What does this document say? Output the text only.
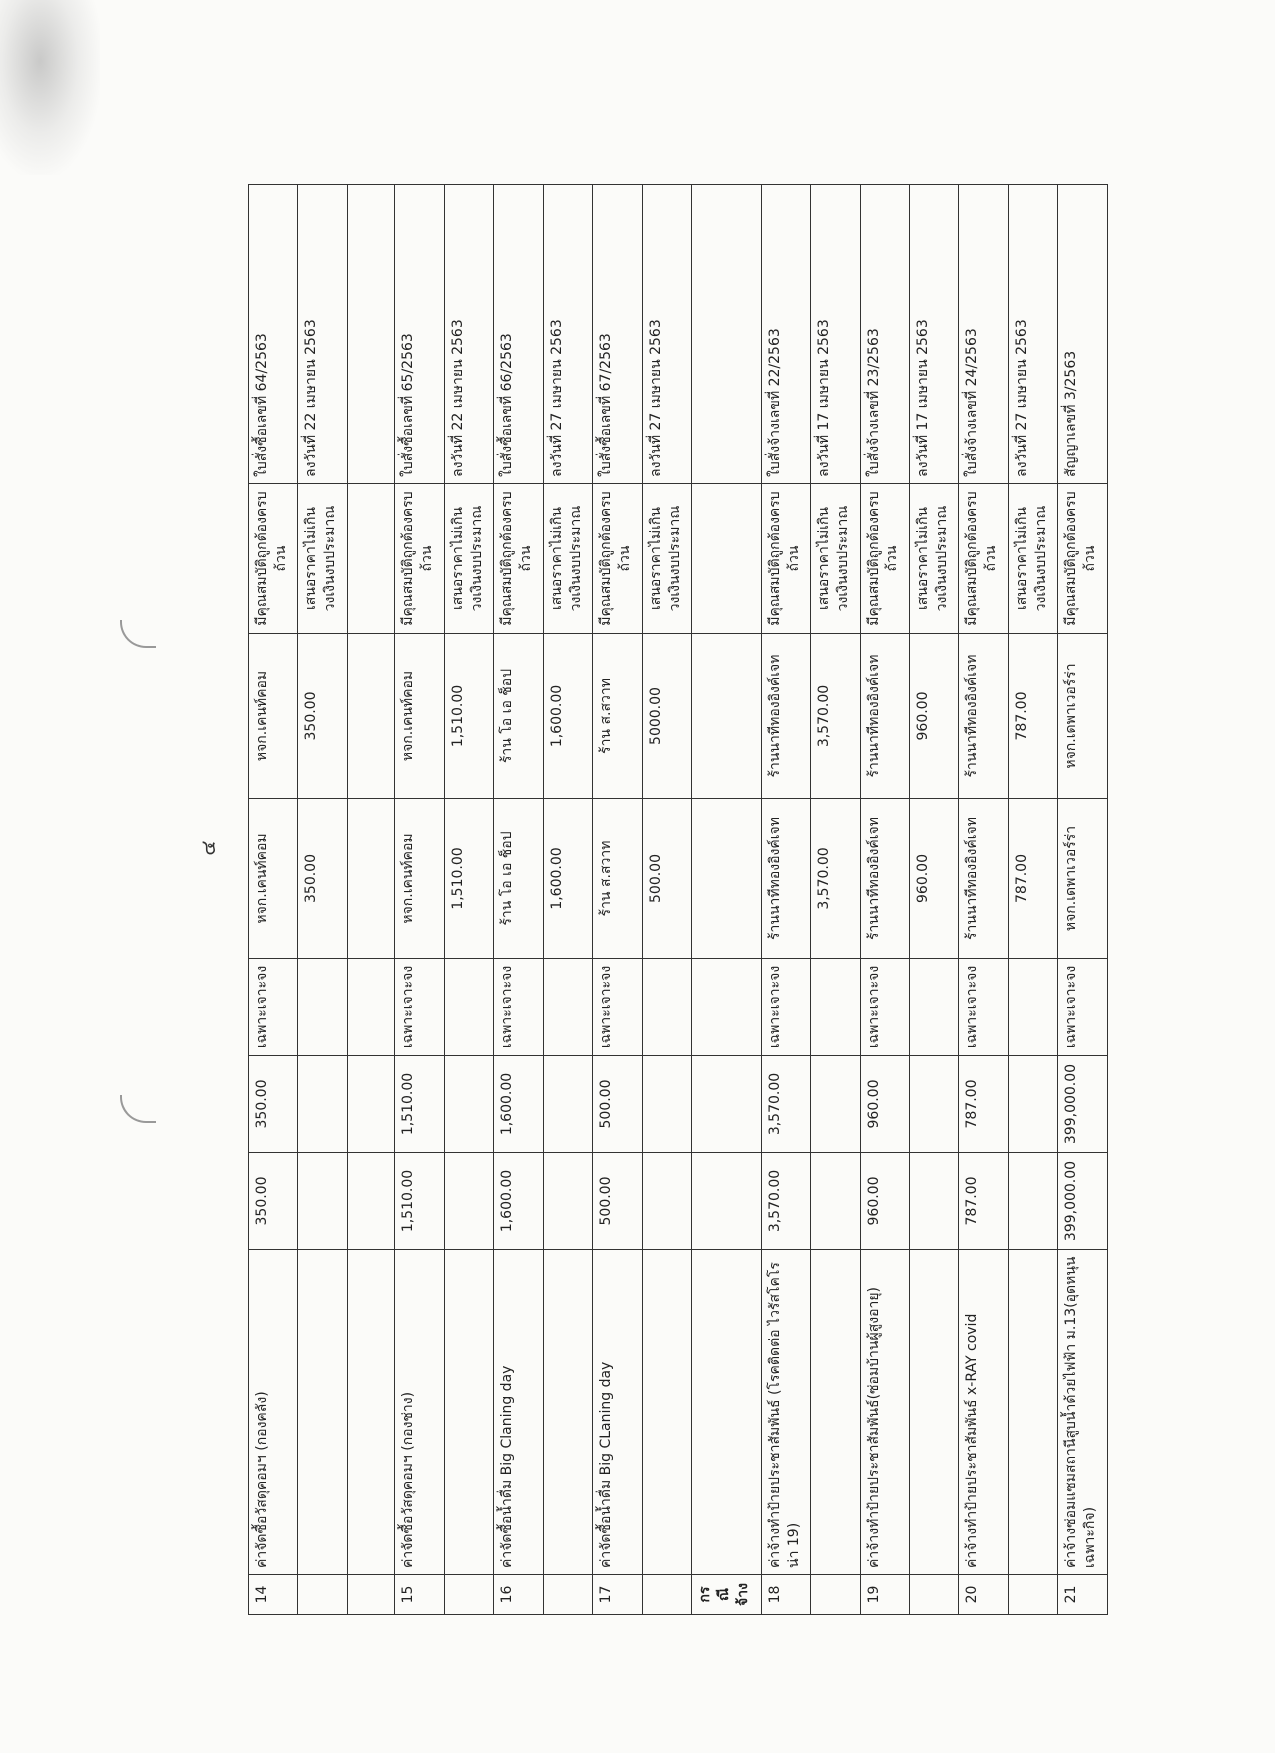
๔
14	ค่าจัดซื้อวัสดุคอมฯ (กองคลัง)	350.00	350.00	เฉพาะเจาะจง	หจก.เคนท์คอม	หจก.เคนท์คอม	มีคุณสมบัติถูกต้องครบถ้วน	ใบสั่งซื้อเลขที่ 64/2563
					350.00	350.00	เสนอราคาไม่เกินวงเงินงบประมาณ	ลงวันที่ 22 เมษายน 2563

15	ค่าจัดซื้อวัสดุคอมฯ (กองช่าง)	1,510.00	1,510.00	เฉพาะเจาะจง	หจก.เคนท์คอม	หจก.เคนท์คอม	มีคุณสมบัติถูกต้องครบถ้วน	ใบสั่งซื้อเลขที่ 65/2563
					1,510.00	1,510.00	เสนอราคาไม่เกินวงเงินงบประมาณ	ลงวันที่ 22 เมษายน 2563
16	ค่าจัดซื้อน้ำดื่ม Big Claning day	1,600.00	1,600.00	เฉพาะเจาะจง	ร้าน โอ เอ ช็อป	ร้าน โอ เอ ช็อป	มีคุณสมบัติถูกต้องครบถ้วน	ใบสั่งซื้อเลขที่ 66/2563
					1,600.00	1,600.00	เสนอราคาไม่เกินวงเงินงบประมาณ	ลงวันที่ 27 เมษายน 2563
17	ค่าจัดซื้อน้ำดื่ม Big CLaning day	500.00	500.00	เฉพาะเจาะจง	ร้าน ส.สวาท	ร้าน ส.สวาท	มีคุณสมบัติถูกต้องครบถ้วน	ใบสั่งซื้อเลขที่ 67/2563
					500.00	5000.00	เสนอราคาไม่เกินวงเงินงบประมาณ	ลงวันที่ 27 เมษายน 2563
กรณีจ้าง								
18	ค่าจ้างทำป้ายประชาสัมพันธ์ (โรคติดต่อ ไวรัสโคโรน่า 19)	3,570.00	3,570.00	เฉพาะเจาะจง	ร้านนาทีทองอิงค์เจท	ร้านนาทีทองอิงค์เจท	มีคุณสมบัติถูกต้องครบถ้วน	ใบสั่งจ้างเลขที่ 22/2563
					3,570.00	3,570.00	เสนอราคาไม่เกินวงเงินงบประมาณ	ลงวันที่ 17 เมษายน 2563
19	ค่าจ้างทำป้ายประชาสัมพันธ์(ซ่อมบ้านผู้สูงอายุ)	960.00	960.00	เฉพาะเจาะจง	ร้านนาทีทองอิงค์เจท	ร้านนาทีทองอิงค์เจท	มีคุณสมบัติถูกต้องครบถ้วน	ใบสั่งจ้างเลขที่ 23/2563
					960.00	960.00	เสนอราคาไม่เกินวงเงินงบประมาณ	ลงวันที่ 17 เมษายน 2563
20	ค่าจ้างทำป้ายประชาสัมพันธ์ x-RAY covid	787.00	787.00	เฉพาะเจาะจง	ร้านนาทีทองอิงค์เจท	ร้านนาทีทองอิงค์เจท	มีคุณสมบัติถูกต้องครบถ้วน	ใบสั่งจ้างเลขที่ 24/2563
					787.00	787.00	เสนอราคาไม่เกินวงเงินงบประมาณ	ลงวันที่ 27 เมษายน 2563
21	ค่าจ้างซ่อมแซมสถานีสูบน้ำด้วยไฟฟ้า ม.13(อุดหนุนเฉพาะกิจ)	399,000.00	399,000.00	เฉพาะเจาะจง	หจก.เดพาเวอร์ร่า	หจก.เดพาเวอร์ร่า	มีคุณสมบัติถูกต้องครบถ้วน	สัญญาเลขที่ 3/2563
